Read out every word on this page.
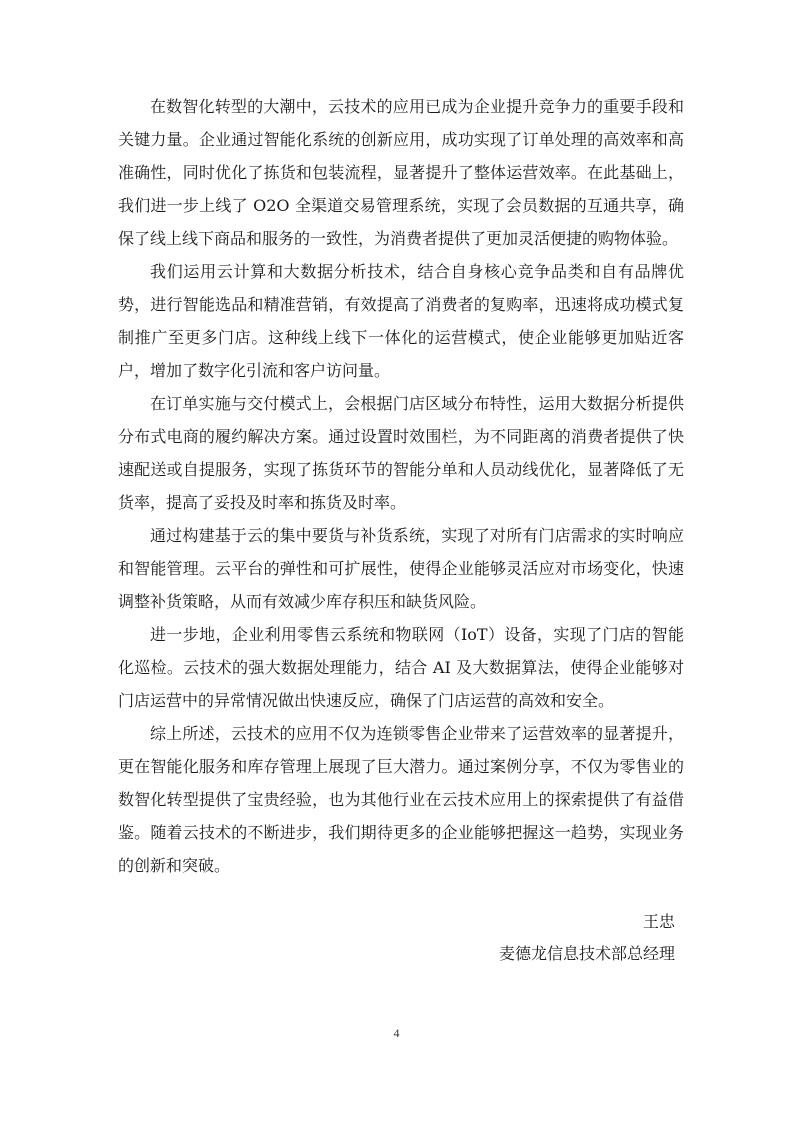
在数智化转型的大潮中，云技术的应用已成为企业提升竞争力的重要手段和关键力量。企业通过智能化系统的创新应用，成功实现了订单处理的高效率和高准确性，同时优化了拣货和包装流程，显著提升了整体运营效率。在此基础上，我们进一步上线了 O2O 全渠道交易管理系统，实现了会员数据的互通共享，确保了线上线下商品和服务的一致性，为消费者提供了更加灵活便捷的购物体验。

我们运用云计算和大数据分析技术，结合自身核心竞争品类和自有品牌优势，进行智能选品和精准营销，有效提高了消费者的复购率，迅速将成功模式复制推广至更多门店。这种线上线下一体化的运营模式，使企业能够更加贴近客户，增加了数字化引流和客户访问量。

在订单实施与交付模式上，会根据门店区域分布特性，运用大数据分析提供分布式电商的履约解决方案。通过设置时效围栏，为不同距离的消费者提供了快速配送或自提服务，实现了拣货环节的智能分单和人员动线优化，显著降低了无货率，提高了妥投及时率和拣货及时率。

通过构建基于云的集中要货与补货系统，实现了对所有门店需求的实时响应和智能管理。云平台的弹性和可扩展性，使得企业能够灵活应对市场变化，快速调整补货策略，从而有效减少库存积压和缺货风险。

进一步地，企业利用零售云系统和物联网（IoT）设备，实现了门店的智能化巡检。云技术的强大数据处理能力，结合 AI 及大数据算法，使得企业能够对门店运营中的异常情况做出快速反应，确保了门店运营的高效和安全。

综上所述，云技术的应用不仅为连锁零售企业带来了运营效率的显著提升，更在智能化服务和库存管理上展现了巨大潜力。通过案例分享，不仅为零售业的数智化转型提供了宝贵经验，也为其他行业在云技术应用上的探索提供了有益借鉴。随着云技术的不断进步，我们期待更多的企业能够把握这一趋势，实现业务的创新和突破。

王忠
麦德龙信息技术部总经理
4
